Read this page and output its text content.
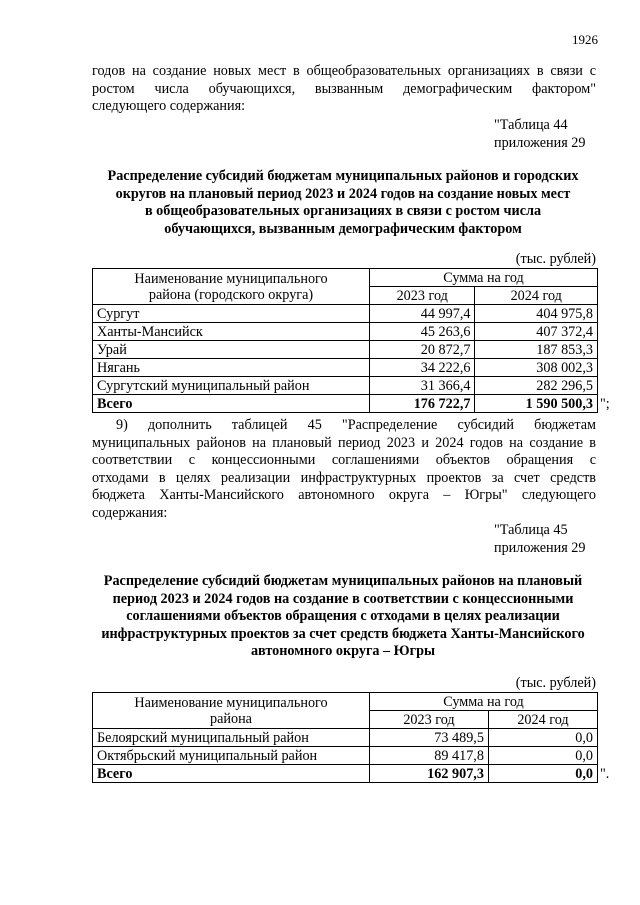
1926
годов на создание новых мест в общеобразовательных организациях в связи с
ростом числа обучающихся, вызванным демографическим фактором"
следующего содержания:
"Таблица 44
приложения 29
Распределение субсидий бюджетам муниципальных районов и городских
округов на плановый период 2023 и 2024 годов на создание новых мест
в общеобразовательных организациях в связи с ростом числа
обучающихся, вызванным демографическим фактором
(тыс. рублей)
Наименование муниципального
района (городского округа)	Сумма на год	
	2023 год	2024 год
Сургут	44 997,4	404 975,8
Ханты-Мансийск	45 263,6	407 372,4
Урай	20 872,7	187 853,3
Нягань	34 222,6	308 002,3
Сургутский муниципальный район	31 366,4	282 296,5
Всего	176 722,7	1 590 500,3 ";
9) дополнить таблицей 45 "Распределение субсидий бюджетам
муниципальных районов на плановый период 2023 и 2024 годов на создание в
соответствии с концессионными соглашениями объектов обращения с
отходами в целях реализации инфраструктурных проектов за счет средств
бюджета Ханты-Мансийского автономного округа – Югры" следующего
содержания:
"Таблица 45
приложения 29
Распределение субсидий бюджетам муниципальных районов на плановый
период 2023 и 2024 годов на создание в соответствии с концессионными
соглашениями объектов обращения с отходами в целях реализации
инфраструктурных проектов за счет средств бюджета Ханты-Мансийского
автономного округа – Югры
(тыс. рублей)
Наименование муниципального
района	Сумма на год	
	2023 год	2024 год
Белоярский муниципальный район	73 489,5	0,0
Октябрьский муниципальный район	89 417,8	0,0
Всего	162 907,3	0,0 ".
